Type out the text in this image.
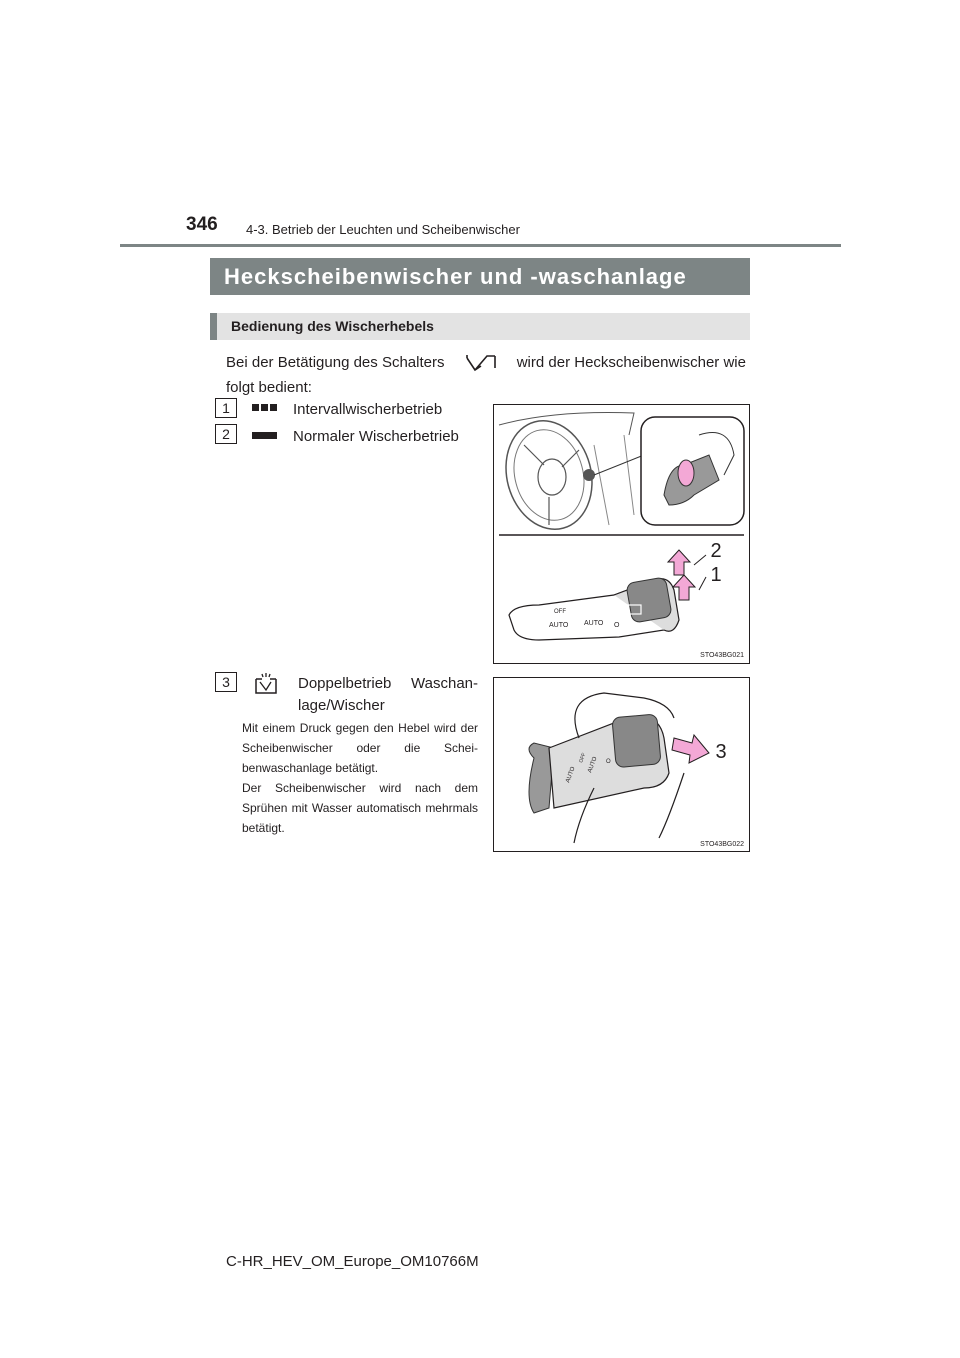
346 4-3. Betrieb der Leuchten und Scheibenwischer
Heckscheibenwischer und -waschanlage
Bedienung des Wischerhebels
Bei der Betätigung des Schalters	wird der Heckscheibenwischer wie
folgt bedient:
1	Intervallwischerbetrieb
2	Normaler Wischerbetrieb
3	Doppelbetrieb Waschan-
lage/Wischer

Mit einem Druck gegen den Hebel wird der Scheibenwischer oder die Scheibenwaschanlage betätigt.

Der Scheibenwischer wird nach dem Sprühen mit Wasser automatisch mehrmals betätigt.

AUTO AUTO
OFF
O
2
1
STO43BG021
AUTO
AUTO
OFF	O	3
STO43BG022
C-HR_HEV_OM_Europe_OM10766M
